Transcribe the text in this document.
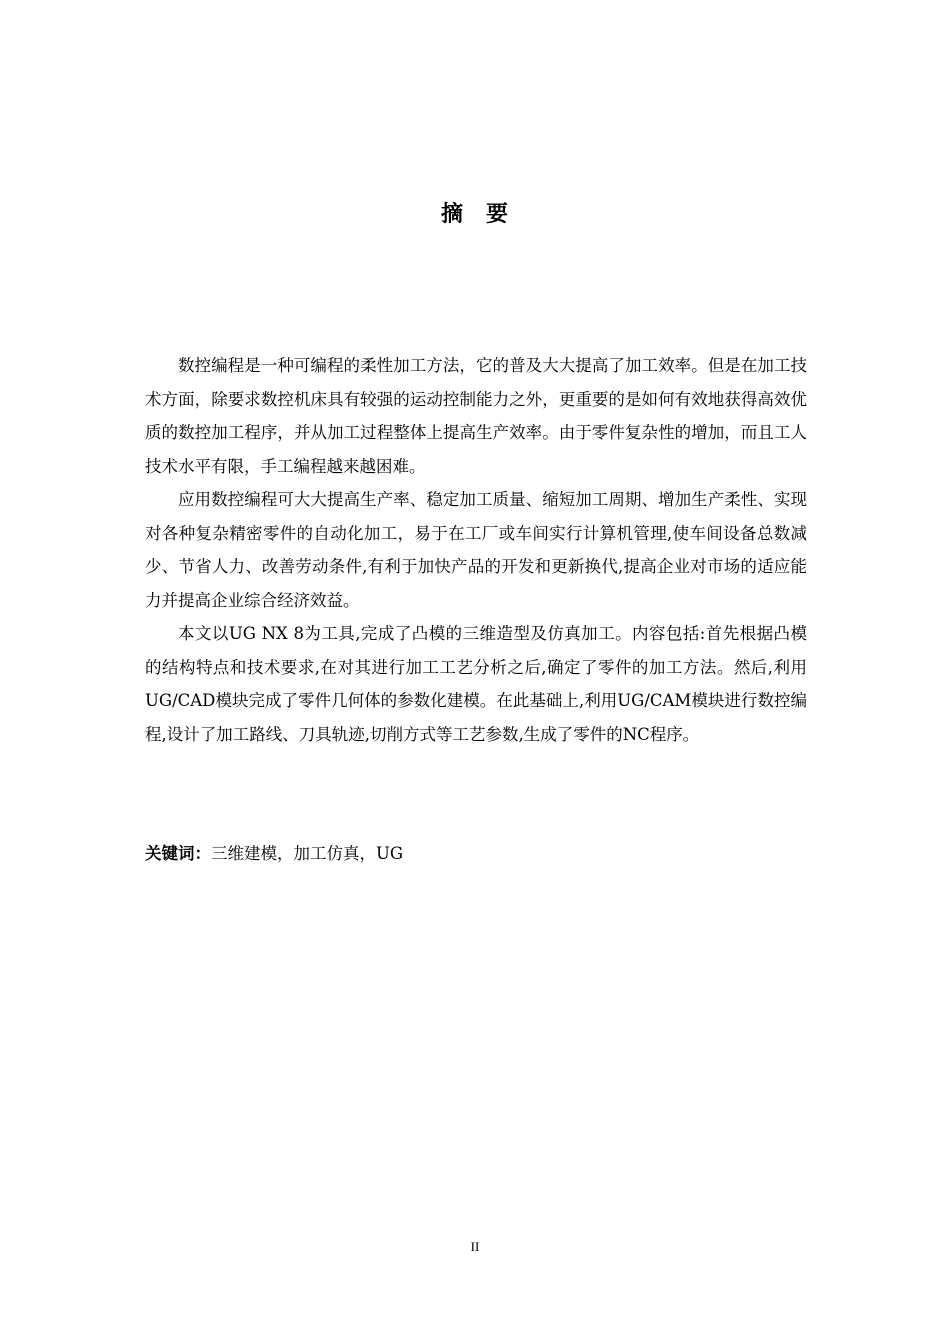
摘 要

数控编程是一种可编程的柔性加工方法，它的普及大大提高了加工效率。但是在加工技术方面，除要求数控机床具有较强的运动控制能力之外，更重要的是如何有效地获得高效优质的数控加工程序，并从加工过程整体上提高生产效率。由于零件复杂性的增加，而且工人技术水平有限，手工编程越来越困难。

应用数控编程可大大提高生产率、稳定加工质量、缩短加工周期、增加生产柔性、实现对各种复杂精密零件的自动化加工，易于在工厂或车间实行计算机管理,使车间设备总数减少、节省人力、改善劳动条件,有利于加快产品的开发和更新换代,提高企业对市场的适应能力并提高企业综合经济效益。

本文以UG NX 8为工具,完成了凸模的三维造型及仿真加工。内容包括:首先根据凸模的结构特点和技术要求,在对其进行加工工艺分析之后,确定了零件的加工方法。然后,利用UG/CAD模块完成了零件几何体的参数化建模。在此基础上,利用UG/CAM模块进行数控编程,设计了加工路线、刀具轨迹,切削方式等工艺参数,生成了零件的NC程序。

关键词：三维建模，加工仿真，UG
II
